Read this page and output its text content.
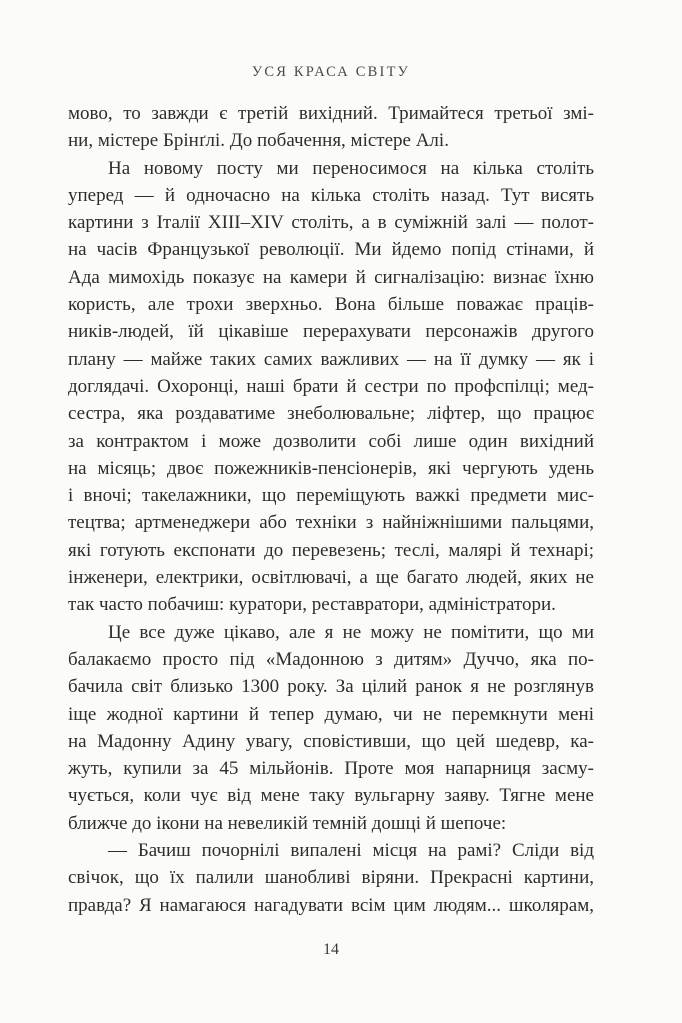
УСЯ КРАСА СВІТУ
мово, то завжди є третій вихідний. Тримайтеся третьої змі-
ни, містере Брінґлі. До побачення, містере Алі.
На новому посту ми переносимося на кілька століть
уперед — й одночасно на кілька століть назад. Тут висять
картини з Італії XIII–XIV століть, а в суміжній залі — полот-
на часів Французької революції. Ми йдемо попід стінами, й
Ада мимохідь показує на камери й сигналізацію: визнає їхню
користь, але трохи зверхньо. Вона більше поважає праців-
ників-людей, їй цікавіше перерахувати персонажів другого
плану — майже таких самих важливих — на її думку — як і
доглядачі. Охоронці, наші брати й сестри по профспілці; мед-
сестра, яка роздаватиме знеболювальне; ліфтер, що працює
за контрактом і може дозволити собі лише один вихідний
на місяць; двоє пожежників-пенсіонерів, які чергують удень
і вночі; такелажники, що переміщують важкі предмети мис-
тецтва; артменеджери або техніки з найніжнішими пальцями,
які готують експонати до перевезень; теслі, малярі й технарі;
інженери, електрики, освітлювачі, а ще багато людей, яких не
так часто побачиш: куратори, реставратори, адміністратори.
Це все дуже цікаво, але я не можу не помітити, що ми
балакаємо просто під «Мадонною з дитям» Дуччо, яка по-
бачила світ близько 1300 року. За цілий ранок я не розглянув
іще жодної картини й тепер думаю, чи не перемкнути мені
на Мадонну Адину увагу, сповістивши, що цей шедевр, ка-
жуть, купили за 45 мільйонів. Проте моя напарниця засму-
чується, коли чує від мене таку вульгарну заяву. Тягне мене
ближче до ікони на невеликій темній дошці й шепоче:
— Бачиш почорнілі випалені місця на рамі? Сліди від
свічок, що їх палили шанобливі віряни. Прекрасні картини,
правда? Я намагаюся нагадувати всім цим людям... школярам,
14
